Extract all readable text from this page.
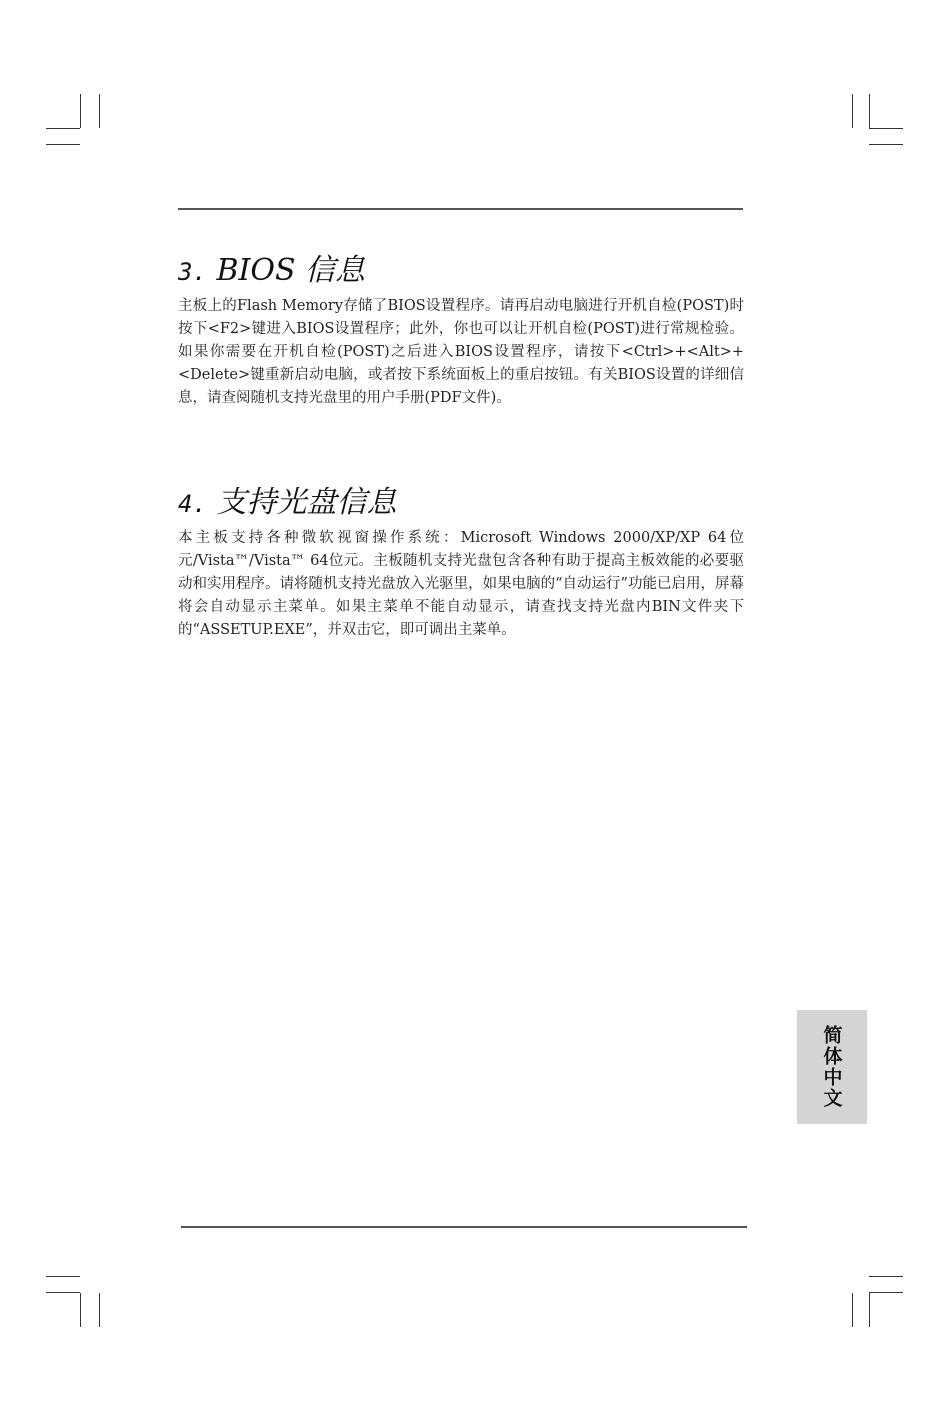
3. BIOS 信息

主板上的Flash Memory存储了BIOS设置程序。请再启动电脑进行开机自检(POST)时按下<F2>键进入BIOS设置程序；此外，你也可以让开机自检(POST)进行常规检验。如果你需要在开机自检(POST)之后进入BIOS设置程序，请按下<Ctrl>+<Alt>+<Delete>键重新启动电脑，或者按下系统面板上的重启按钮。有关BIOS设置的详细信息，请查阅随机支持光盘里的用户手册(PDF文件)。

4. 支持光盘信息

本主板支持各种微软视窗操作系统：Microsoft Windows 2000/XP/XP 64位元/Vista™/Vista™ 64位元。主板随机支持光盘包含各种有助于提高主板效能的必要驱动和实用程序。请将随机支持光盘放入光驱里，如果电脑的“自动运行”功能已启用，屏幕将会自动显示主菜单。如果主菜单不能自动显示，请查找支持光盘内BIN文件夹下的“ASSETUP.EXE”，并双击它，即可调出主菜单。

简体中文
